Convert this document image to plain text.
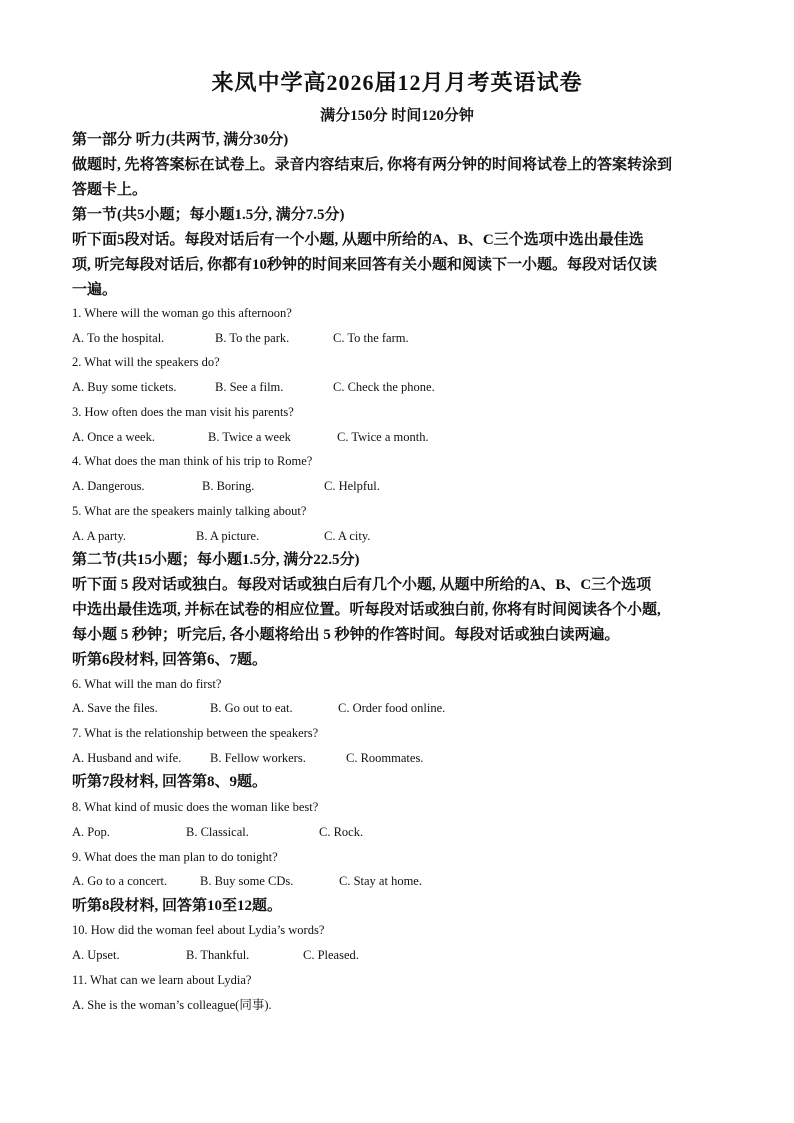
来凤中学高2026届12月月考英语试卷
满分150分 时间120分钟
第一部分 听力(共两节, 满分30分)
做题时, 先将答案标在试卷上。录音内容结束后, 你将有两分钟的时间将试卷上的答案转涂到
答题卡上。
第一节(共5小题；每小题1.5分, 满分7.5分)
听下面5段对话。每段对话后有一个小题, 从题中所给的A、B、C三个选项中选出最佳选
项, 听完每段对话后, 你都有10秒钟的时间来回答有关小题和阅读下一小题。每段对话仅读
一遍。
1. Where will the woman go this afternoon?
A. To the hospital.	B. To the park.	C. To the farm.
2. What will the speakers do?
A. Buy some tickets.	B. See a film.	C. Check the phone.
3. How often does the man visit his parents?
A. Once a week.	B. Twice a week	C. Twice a month.
4. What does the man think of his trip to Rome?
A. Dangerous.	B. Boring.	C. Helpful.
5. What are the speakers mainly talking about?
A. A party.	B. A picture.	C. A city.
第二节(共15小题；每小题1.5分, 满分22.5分)
听下面 5 段对话或独白。每段对话或独白后有几个小题, 从题中所给的A、B、C三个选项
中选出最佳选项, 并标在试卷的相应位置。听每段对话或独白前, 你将有时间阅读各个小题,
每小题 5 秒钟；听完后, 各小题将给出 5 秒钟的作答时间。每段对话或独白读两遍。
听第6段材料, 回答第6、7题。
6. What will the man do first?
A. Save the files.	B. Go out to eat.	C. Order food online.
7. What is the relationship between the speakers?
A. Husband and wife. B. Fellow workers.	C. Roommates.
听第7段材料, 回答第8、9题。
8. What kind of music does the woman like best?
A. Pop.	B. Classical.	C. Rock.
9. What does the man plan to do tonight?
A. Go to a concert.	B. Buy some CDs.	C. Stay at home.
听第8段材料, 回答第10至12题。
10. How did the woman feel about Lydia’s words?
A. Upset.	B. Thankful.	C. Pleased.
11. What can we learn about Lydia?
A. She is the woman’s colleague(同事).
